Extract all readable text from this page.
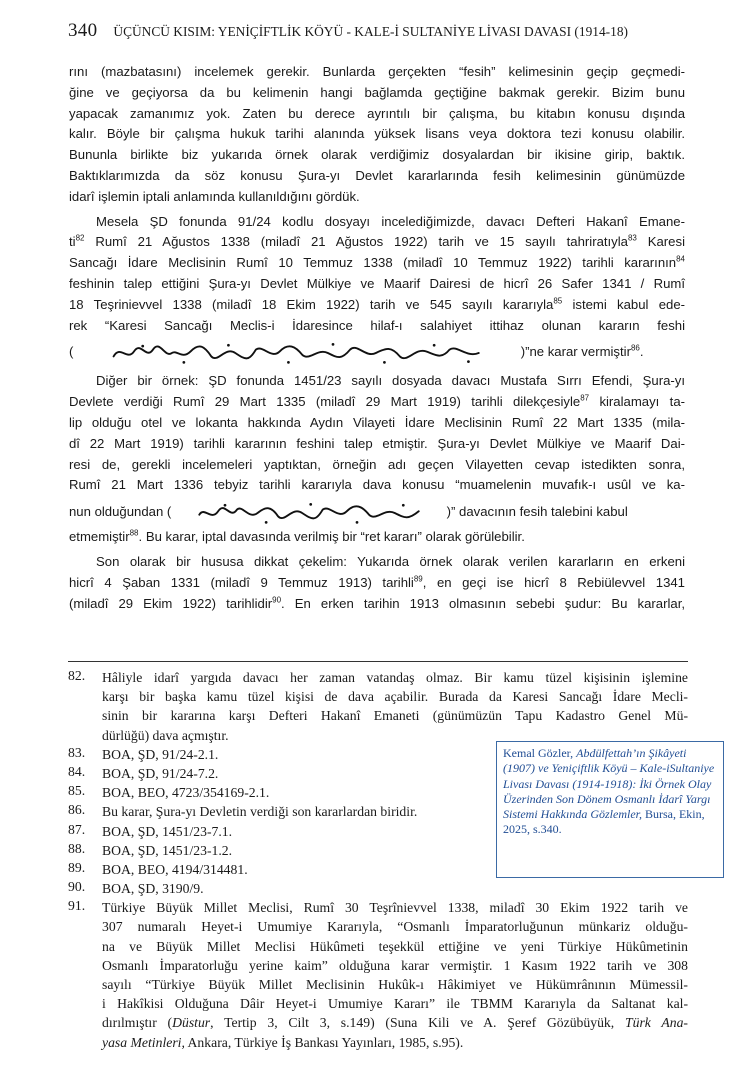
340 ÜÇÜNCÜ KISIM: YENİÇİFTLİK KÖYÜ - KALE-İ SULTANİYE LİVASI DAVASI (1914-18)
rını (mazbatasını) incelemek gerekir. Bunlarda gerçekten “fesih” kelimesinin geçip geçmedi-
ğine ve geçiyorsa da bu kelimenin hangi bağlamda geçtiğine bakmak gerekir. Bizim bunu
yapacak zamanımız yok. Zaten bu derece ayrıntılı bir çalışma, bu kitabın konusu dışında
kalır. Böyle bir çalışma hukuk tarihi alanında yüksek lisans veya doktora tezi konusu olabilir.
Bununla birlikte biz yukarıda örnek olarak verdiğimiz dosyalardan bir ikisine girip, baktık.
Baktıklarımızda da söz konusu Şura-yı Devlet kararlarında fesih kelimesinin günümüzde
idarî işlemin iptali anlamında kullanıldığını gördük.
Mesela ŞD fonunda 91/24 kodlu dosyayı incelediğimizde, davacı Defteri Hakanî Emane-
$ti^{82}$ Rumî 21 Ağustos 1338 (miladî 21 Ağustos 1922) tarih ve 15 sayılı tahriratıyla$^{83}$ Karesi
Sancağı İdare Meclisinin Rumî 10 Temmuz 1338 (miladî 10 Temmuz 1922) tarihli kararının$^{84}$
feshinin talep ettiğini Şura-yı Devlet Mülkiye ve Maarif Dairesi de hicrî 26 Safer 1341 / Rumî
18 Teşrinievvel 1338 (miladî 18 Ekim 1922) tarih ve 545 sayılı kararıyla$^{85}$ istemi kabul ede-
rek “Karesi Sancağı Meclis-i İdaresince hilaf-ı salahiyet ittihaz olunan kararın feshi
(	)”ne karar vermiştir$^{86}$.
Diğer bir örnek: ŞD fonunda 1451/23 sayılı dosyada davacı Mustafa Sırrı Efendi, Şura-yı
Devlete verdiği Rumî 29 Mart 1335 (miladî 29 Mart 1919) tarihli dilekçesiyle$^{87}$ kiralamayı ta-
lip olduğu otel ve lokanta hakkında Aydın Vilayeti İdare Meclisinin Rumî 22 Mart 1335 (mila-
dî 22 Mart 1919) tarihli kararının feshini talep etmiştir. Şura-yı Devlet Mülkiye ve Maarif Dai-
resi de, gerekli incelemeleri yaptıktan, örneğin adı geçen Vilayetten cevap istedikten sonra,
Rumî 21 Mart 1336 tebyiz tarihli kararıyla dava konusu “muamelenin muvafık-ı usûl ve ka-
nun olduğundan (	)” davacının fesih talebini kabul
etmemiştir$^{88}$. Bu karar, iptal davasında verilmiş bir “ret kararı” olarak görülebilir.
Son olarak bir hususa dikkat çekelim: Yukarıda örnek olarak verilen kararların en erkeni
hicrî 4 Şaban 1331 (miladî 9 Temmuz 1913) tarihli$^{89}$, en geçi ise hicrî 8 Rebiülevvel 1341
(miladî 29 Ekim 1922) tarihlidir$^{90}$. En erken tarihin 1913 olmasının sebebi şudur: Bu kararlar,
82.	Hâliyle idarî yargıda davacı her zaman vatandaş olmaz. Bir kamu tüzel kişisinin işlemine
karşı bir başka kamu tüzel kişisi de dava açabilir. Burada da Karesi Sancağı İdare Mecli-
sinin bir kararına karşı Defteri Hakanî Emaneti (günümüzün Tapu Kadastro Genel Mü-
dürlüğü) dava açmıştır.
83.	BOA, ŞD, 91/24-2.1.
84.	BOA, ŞD, 91/24-7.2.
85.	BOA, BEO, 4723/354169-2.1.
86.	Bu karar, Şura-yı Devletin verdiği son kararlardan biridir.
87.	BOA, ŞD, 1451/23-7.1.
88.	BOA, ŞD, 1451/23-1.2.
89.	BOA, BEO, 4194/314481.
90.	BOA, ŞD, 3190/9.
91.	Türkiye Büyük Millet Meclisi, Rumî 30 Teşrînievvel 1338, miladî 30 Ekim 1922 tarih ve
307 numaralı Heyet-i Umumiye Kararıyla, “Osmanlı İmparatorluğunun münkariz olduğu-
na ve Büyük Millet Meclisi Hükûmeti teşekkül ettiğine ve yeni Türkiye Hükûmetinin
Osmanlı İmparatorluğu yerine kaim” olduğuna karar vermiştir. 1 Kasım 1922 tarih ve 308
sayılı “Türkiye Büyük Millet Meclisinin Hukûk-ı Hâkimiyet ve Hükümrânının Mümessil-
i Hakîkisi Olduğuna Dâir Heyet-i Umumiye Kararı” ile TBMM Kararıyla da Saltanat kal-
dırılmıştır (Düstur, Tertip 3, Cilt 3, s.149) (Suna Kili ve A. Şeref Gözübüyük, Türk Ana-
yasa Metinleri, Ankara, Türkiye İş Bankası Yayınları, 1985, s.95).
Kemal Gözler, Abdülfettah’ın Şikâyeti (1907) ve Yeniçiftlik Köyü – Kale-iSultaniye Livası Davası (1914-1918): İki Örnek Olay Üzerinden Son Dönem Osmanlı İdarî Yargı Sistemi Hakkında Gözlemler, Bursa, Ekin, 2025, s.340.
